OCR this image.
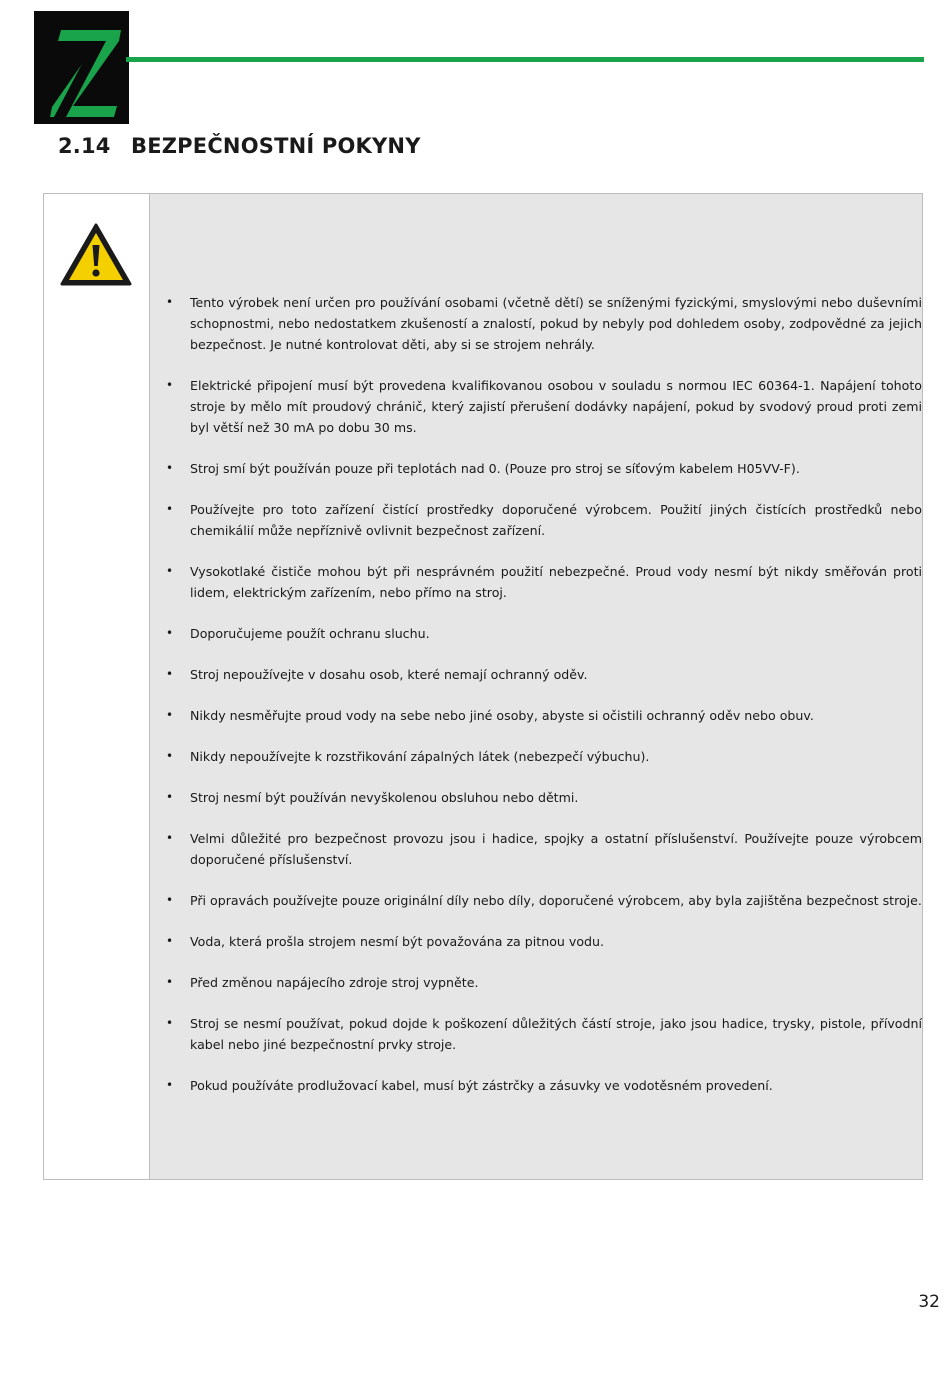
2.14 BEZPEČNOSTNÍ POKYNY
• Tento výrobek není určen pro používání osobami (včetně dětí) se sníženými fyzickými, smyslovými nebo duševními schopnostmi, nebo nedostatkem zkušeností a znalostí, pokud by nebyly pod dohledem osoby, zodpovědné za jejich bezpečnost. Je nutné kontrolovat děti, aby si se strojem nehrály.
• Elektrické připojení musí být provedena kvalifikovanou osobou v souladu s normou IEC 60364-1. Napájení tohoto stroje by mělo mít proudový chránič, který zajistí přerušení dodávky napájení, pokud by svodový proud proti zemi byl větší než 30 mA po dobu 30 ms.
• Stroj smí být používán pouze při teplotách nad 0. (Pouze pro stroj se síťovým kabelem H05VV-F).
• Používejte pro toto zařízení čistící prostředky doporučené výrobcem. Použití jiných čistících prostředků nebo chemikálií může nepříznivě ovlivnit bezpečnost zařízení.
• Vysokotlaké čističe mohou být při nesprávném použití nebezpečné. Proud vody nesmí být nikdy směřován proti lidem, elektrickým zařízením, nebo přímo na stroj.
• Doporučujeme použít ochranu sluchu.
• Stroj nepoužívejte v dosahu osob, které nemají ochranný oděv.
• Nikdy nesměřujte proud vody na sebe nebo jiné osoby, abyste si očistili ochranný oděv nebo obuv.
• Nikdy nepoužívejte k rozstřikování zápalných látek (nebezpečí výbuchu).
• Stroj nesmí být používán nevyškolenou obsluhou nebo dětmi.
• Velmi důležité pro bezpečnost provozu jsou i hadice, spojky a ostatní příslušenství. Používejte pouze výrobcem doporučené příslušenství.
• Při opravách používejte pouze originální díly nebo díly, doporučené výrobcem, aby byla zajištěna bezpečnost stroje.
• Voda, která prošla strojem nesmí být považována za pitnou vodu.
• Před změnou napájecího zdroje stroj vypněte.
• Stroj se nesmí používat, pokud dojde k poškození důležitých částí stroje, jako jsou hadice, trysky, pistole, přívodní kabel nebo jiné bezpečnostní prvky stroje.
• Pokud používáte prodlužovací kabel, musí být zástrčky a zásuvky ve vodotěsném provedení.
32
